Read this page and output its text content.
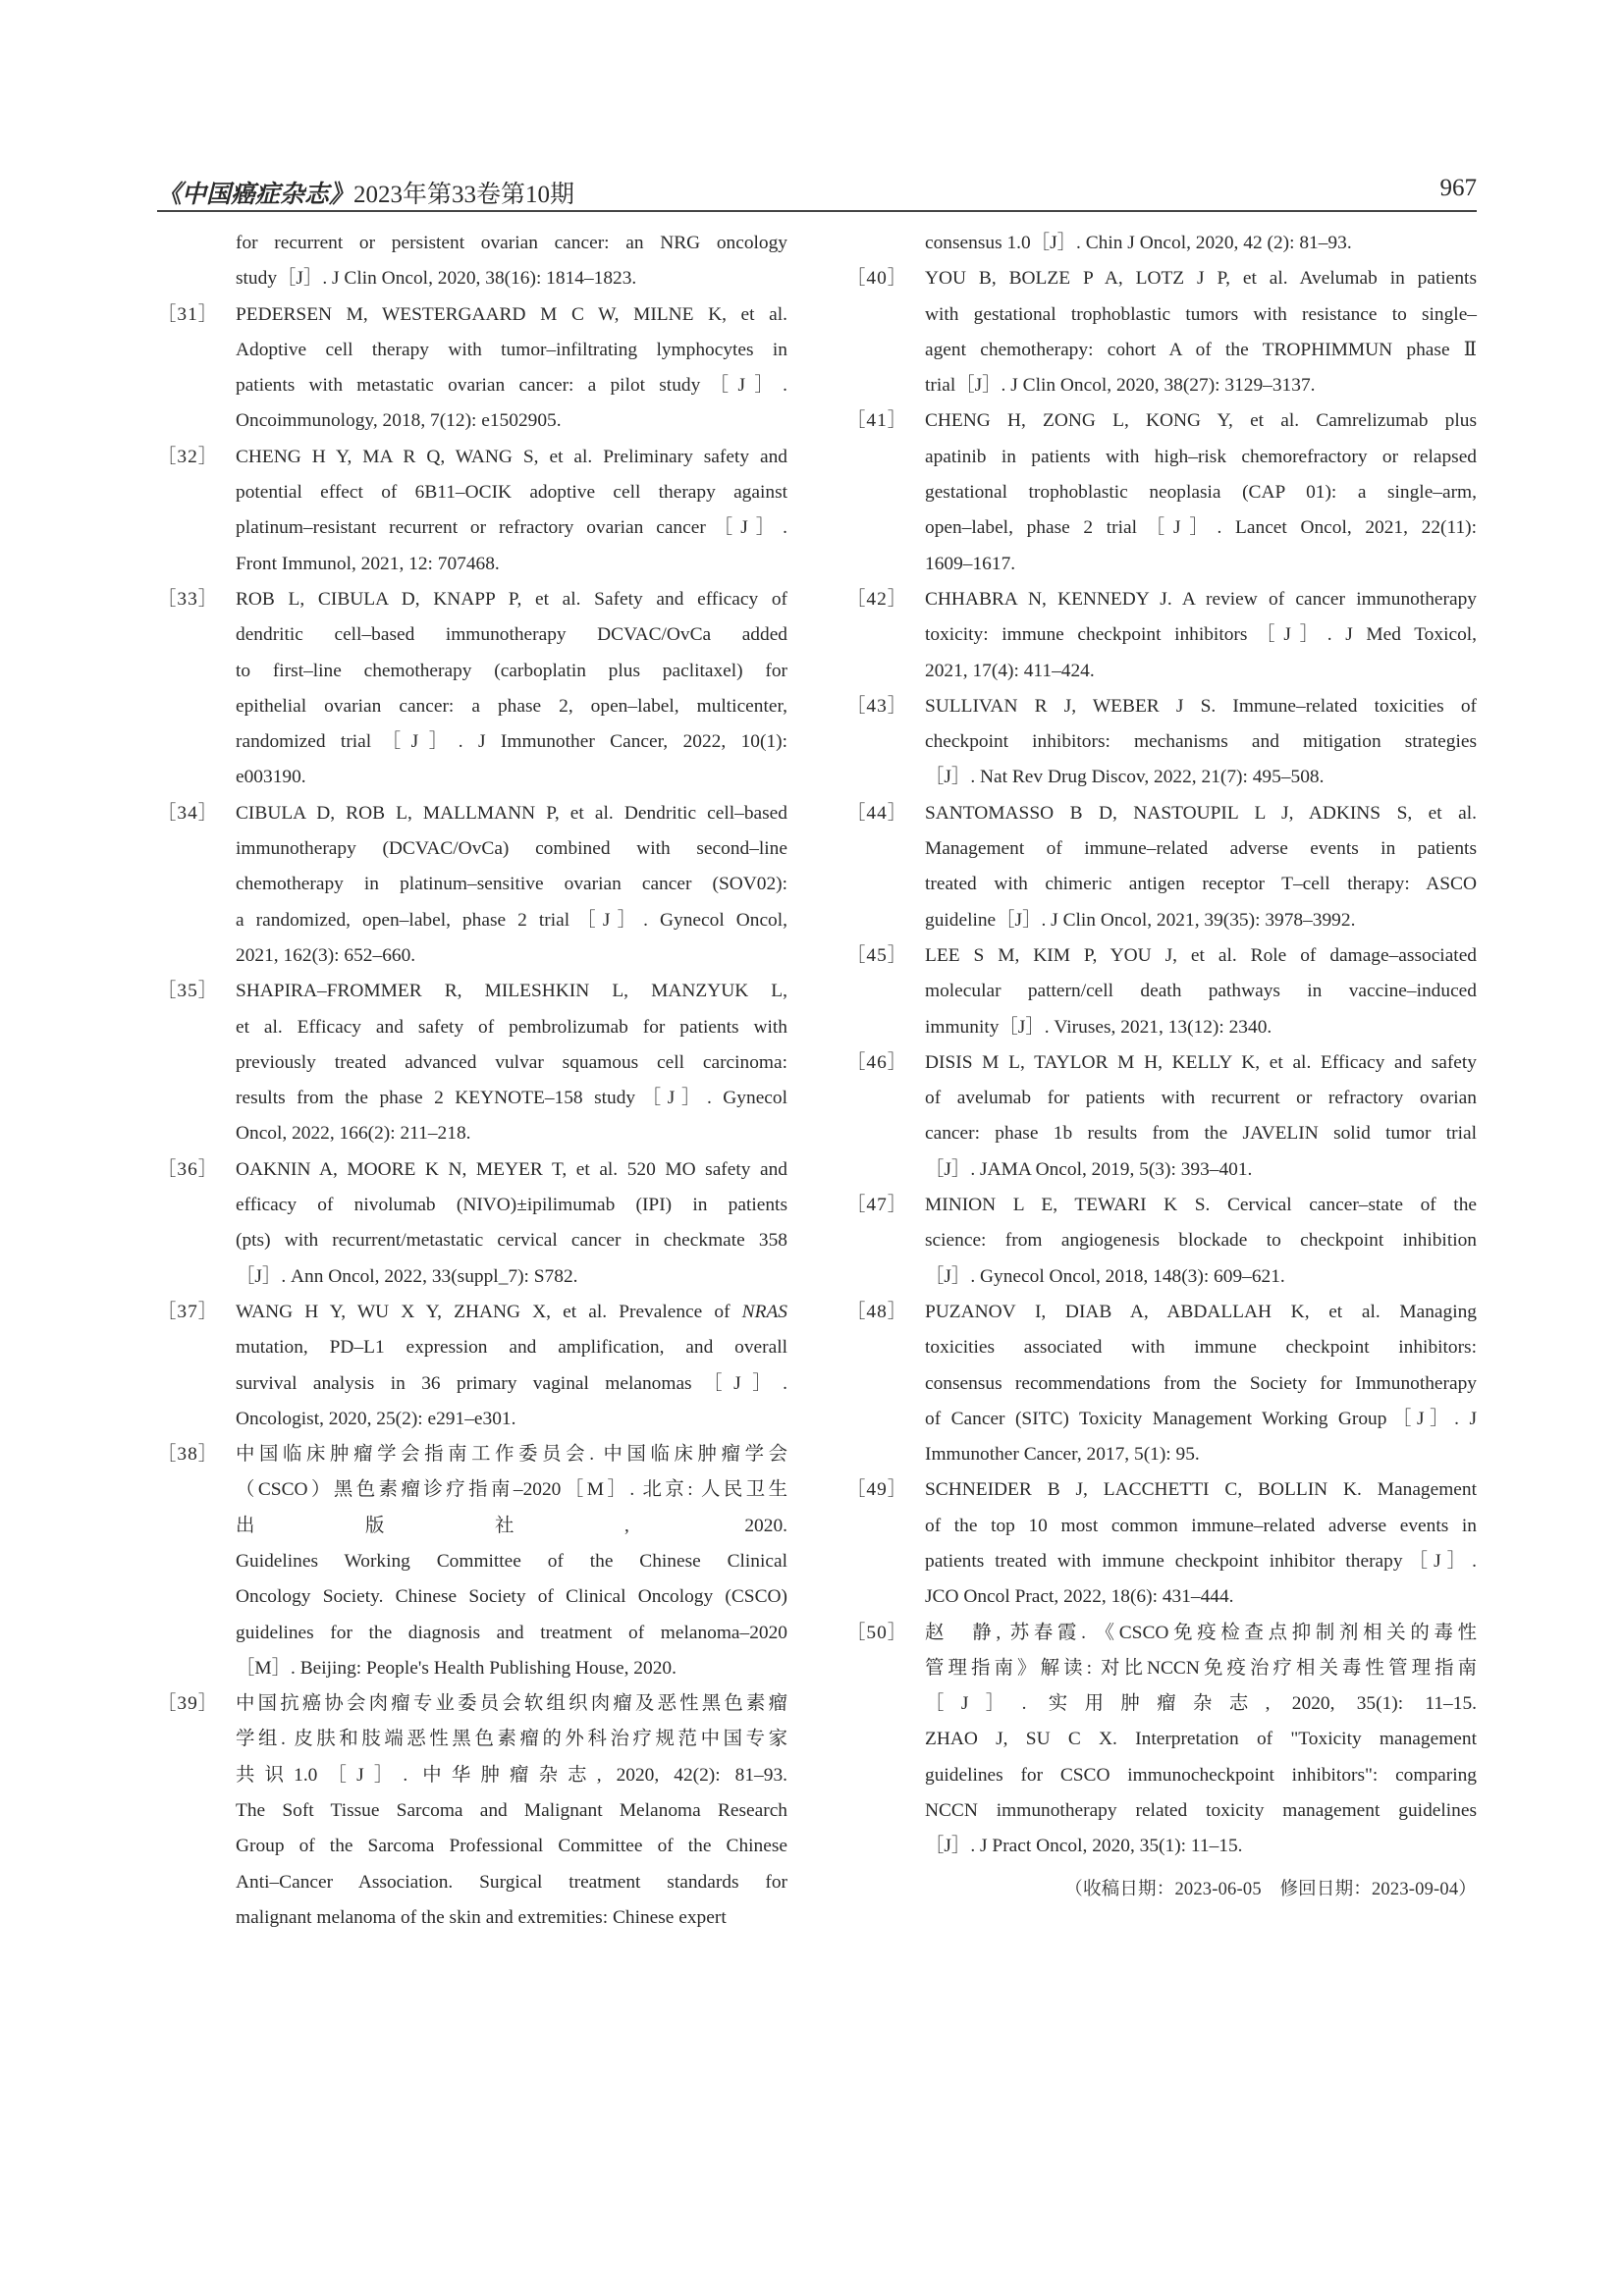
《中国癌症杂志》2023年第33卷第10期	967
for recurrent or persistent ovarian cancer: an NRG oncology
study［J］. J Clin Oncol, 2020, 38(16): 1814–1823.
［31］ PEDERSEN M, WESTERGAARD M C W, MILNE K, et al.
Adoptive cell therapy with tumor–infiltrating lymphocytes in
patients with metastatic ovarian cancer: a pilot study［J］.
Oncoimmunology, 2018, 7(12): e1502905.
［32］ CHENG H Y, MA R Q, WANG S, et al. Preliminary safety and
potential effect of 6B11–OCIK adoptive cell therapy against
platinum–resistant recurrent or refractory ovarian cancer［J］.
Front Immunol, 2021, 12: 707468.
［33］ ROB L, CIBULA D, KNAPP P, et al. Safety and efficacy of
dendritic cell–based immunotherapy DCVAC/OvCa added
to first–line chemotherapy (carboplatin plus paclitaxel) for
epithelial ovarian cancer: a phase 2, open–label, multicenter,
randomized trial［J］. J Immunother Cancer, 2022, 10(1):
e003190.
［34］ CIBULA D, ROB L, MALLMANN P, et al. Dendritic cell–based
immunotherapy (DCVAC/OvCa) combined with second–line
chemotherapy in platinum–sensitive ovarian cancer (SOV02):
a randomized, open–label, phase 2 trial［J］. Gynecol Oncol,
2021, 162(3): 652–660.
［35］ SHAPIRA–FROMMER R, MILESHKIN L, MANZYUK L,
et al. Efficacy and safety of pembrolizumab for patients with
previously treated advanced vulvar squamous cell carcinoma:
results from the phase 2 KEYNOTE–158 study［J］. Gynecol
Oncol, 2022, 166(2): 211–218.
［36］ OAKNIN A, MOORE K N, MEYER T, et al. 520 MO safety and
efficacy of nivolumab (NIVO)±ipilimumab (IPI) in patients
(pts) with recurrent/metastatic cervical cancer in checkmate 358
［J］. Ann Oncol, 2022, 33(suppl_7): S782.
［37］ WANG H Y, WU X Y, ZHANG X, et al. Prevalence of NRAS
mutation, PD–L1 expression and amplification, and overall
survival analysis in 36 primary vaginal melanomas［J］.
Oncologist, 2020, 25(2): e291–e301.
［38］ 中国临床肿瘤学会指南工作委员会. 中国临床肿瘤学会
（CSCO）黑色素瘤诊疗指南–2020［M］. 北京: 人民卫生
出版社, 2020.
Guidelines Working Committee of the Chinese Clinical
Oncology Society. Chinese Society of Clinical Oncology (CSCO)
guidelines for the diagnosis and treatment of melanoma–2020
［M］. Beijing: People's Health Publishing House, 2020.
［39］ 中国抗癌协会肉瘤专业委员会软组织肉瘤及恶性黑色素瘤
学组. 皮肤和肢端恶性黑色素瘤的外科治疗规范中国专家
共识1.0［J］. 中华肿瘤杂志, 2020, 42(2): 81–93.
The Soft Tissue Sarcoma and Malignant Melanoma Research
Group of the Sarcoma Professional Committee of the Chinese
Anti–Cancer Association. Surgical treatment standards for
malignant melanoma of the skin and extremities: Chinese expert
consensus 1.0［J］. Chin J Oncol, 2020, 42 (2): 81–93.
［40］ YOU B, BOLZE P A, LOTZ J P, et al. Avelumab in patients
with gestational trophoblastic tumors with resistance to single–
agent chemotherapy: cohort A of the TROPHIMMUN phase Ⅱ
trial［J］. J Clin Oncol, 2020, 38(27): 3129–3137.
［41］ CHENG H, ZONG L, KONG Y, et al. Camrelizumab plus
apatinib in patients with high–risk chemorefractory or relapsed
gestational trophoblastic neoplasia (CAP 01): a single–arm,
open–label, phase 2 trial［J］. Lancet Oncol, 2021, 22(11):
1609–1617.
［42］ CHHABRA N, KENNEDY J. A review of cancer immunotherapy
toxicity: immune checkpoint inhibitors［J］. J Med Toxicol,
2021, 17(4): 411–424.
［43］ SULLIVAN R J, WEBER J S. Immune–related toxicities of
checkpoint inhibitors: mechanisms and mitigation strategies
［J］. Nat Rev Drug Discov, 2022, 21(7): 495–508.
［44］ SANTOMASSO B D, NASTOUPIL L J, ADKINS S, et al.
Management of immune–related adverse events in patients
treated with chimeric antigen receptor T–cell therapy: ASCO
guideline［J］. J Clin Oncol, 2021, 39(35): 3978–3992.
［45］ LEE S M, KIM P, YOU J, et al. Role of damage–associated
molecular pattern/cell death pathways in vaccine–induced
immunity［J］. Viruses, 2021, 13(12): 2340.
［46］ DISIS M L, TAYLOR M H, KELLY K, et al. Efficacy and safety
of avelumab for patients with recurrent or refractory ovarian
cancer: phase 1b results from the JAVELIN solid tumor trial
［J］. JAMA Oncol, 2019, 5(3): 393–401.
［47］ MINION L E, TEWARI K S. Cervical cancer–state of the
science: from angiogenesis blockade to checkpoint inhibition
［J］. Gynecol Oncol, 2018, 148(3): 609–621.
［48］ PUZANOV I, DIAB A, ABDALLAH K, et al. Managing
toxicities associated with immune checkpoint inhibitors:
consensus recommendations from the Society for Immunotherapy
of Cancer (SITC) Toxicity Management Working Group［J］. J
Immunother Cancer, 2017, 5(1): 95.
［49］ SCHNEIDER B J, LACCHETTI C, BOLLIN K. Management
of the top 10 most common immune–related adverse events in
patients treated with immune checkpoint inhibitor therapy［J］.
JCO Oncol Pract, 2022, 18(6): 431–444.
［50］ 赵　静, 苏春霞. 《CSCO免疫检查点抑制剂相关的毒性
管理指南》解读: 对比NCCN免疫治疗相关毒性管理指南
［J］. 实用肿瘤杂志, 2020, 35(1): 11–15.
ZHAO J, SU C X. Interpretation of "Toxicity management
guidelines for CSCO immunocheckpoint inhibitors": comparing
NCCN immunotherapy related toxicity management guidelines
［J］. J Pract Oncol, 2020, 35(1): 11–15.
（收稿日期：2023-06-05　修回日期：2023-09-04）
